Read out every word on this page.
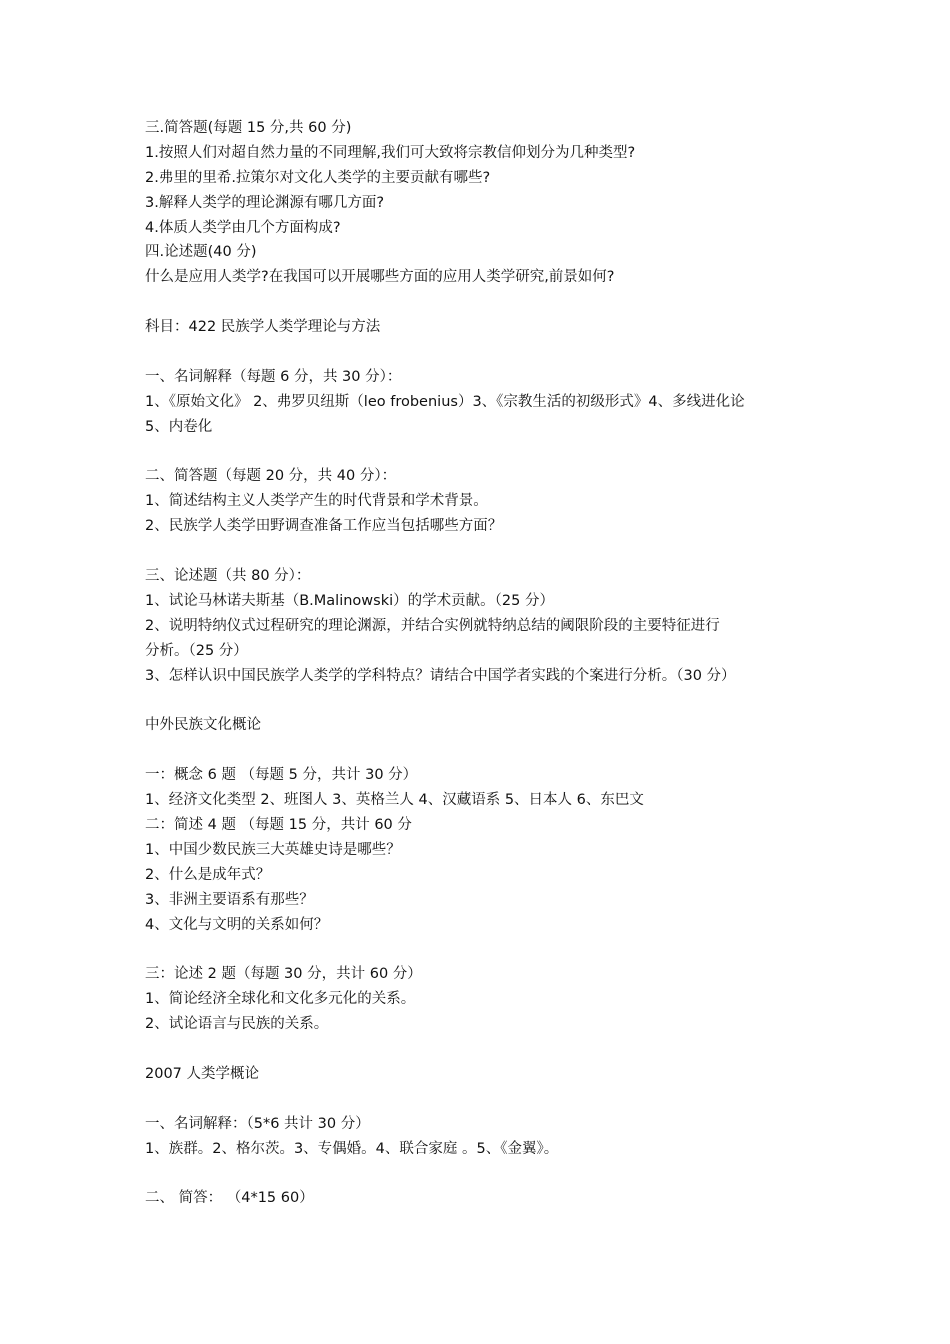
三.简答题(每题 15 分,共 60 分)
1.按照人们对超自然力量的不同理解,我们可大致将宗教信仰划分为几种类型?
2.弗里的里希.拉策尔对文化人类学的主要贡献有哪些?
3.解释人类学的理论渊源有哪几方面?
4.体质人类学由几个方面构成?
四.论述题(40 分)
什么是应用人类学?在我国可以开展哪些方面的应用人类学研究,前景如何?
科目：422 民族学人类学理论与方法
一、名词解释（每题 6 分，共 30 分）：
1、《原始文化》 2、弗罗贝纽斯（leo frobenius）3、《宗教生活的初级形式》4、多线进化论
5、内卷化
二、简答题（每题 20 分，共 40 分）：
1、简述结构主义人类学产生的时代背景和学术背景。
2、民族学人类学田野调查准备工作应当包括哪些方面？
三、论述题（共 80 分）：
1、试论马林诺夫斯基（B.Malinowski）的学术贡献。（25 分）
2、说明特纳仪式过程研究的理论渊源，并结合实例就特纳总结的阈限阶段的主要特征进行
分析。（25 分）
3、怎样认识中国民族学人类学的学科特点？请结合中国学者实践的个案进行分析。（30 分）
中外民族文化概论
一：概念 6 题 （每题 5 分，共计 30 分）
1、经济文化类型 2、班图人 3、英格兰人 4、汉藏语系 5、日本人 6、东巴文
二：简述 4 题 （每题 15 分，共计 60 分
1、中国少数民族三大英雄史诗是哪些？
2、什么是成年式？
3、非洲主要语系有那些？
4、文化与文明的关系如何？
三：论述 2 题（每题 30 分，共计 60 分）
1、简论经济全球化和文化多元化的关系。
2、试论语言与民族的关系。
2007 人类学概论
一、名词解释：（5*6 共计 30 分）
1、族群。2、格尔茨。3、专偶婚。4、联合家庭 。5、《金翼》。
二、 简答： （4*15 60）
